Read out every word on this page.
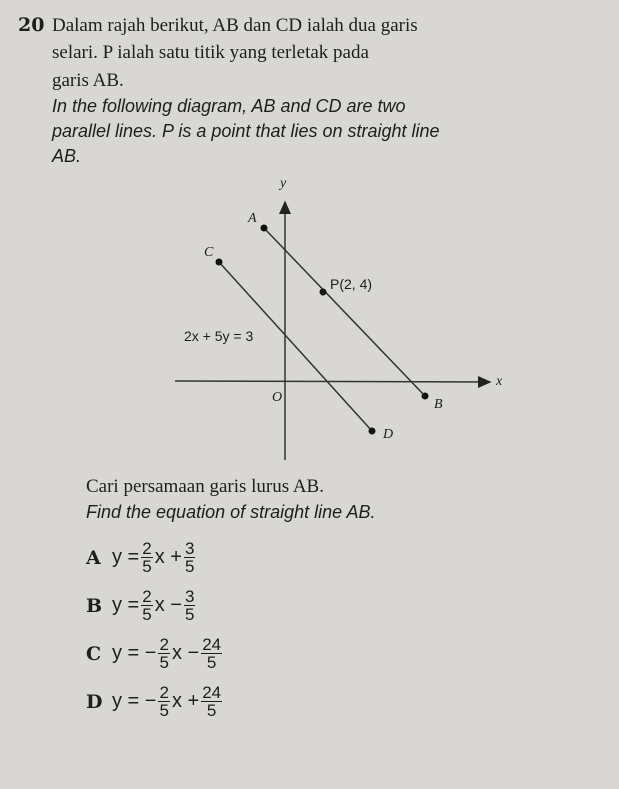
20 Dalam rajah berikut, AB dan CD ialah dua garis
selari. P ialah satu titik yang terletak pada
garis AB.
In the following diagram, AB and CD are two
parallel lines. P is a point that lies on straight line
AB.
y
x
O
A
B
C
D
P(2, 4)
2x + 5y = 3
Cari persamaan garis lurus AB.
Find the equation of straight line AB.
A $y = \frac{2}{5}$ $x + \frac{3}{5}$
B $y = \frac{2}{5}$ $x - \frac{3}{5}$
C y = − $\frac{2}{5}$ $x - \frac{24}{5}$
D y = − $\frac{2}{5}$ $x + \frac{24}{5}$
